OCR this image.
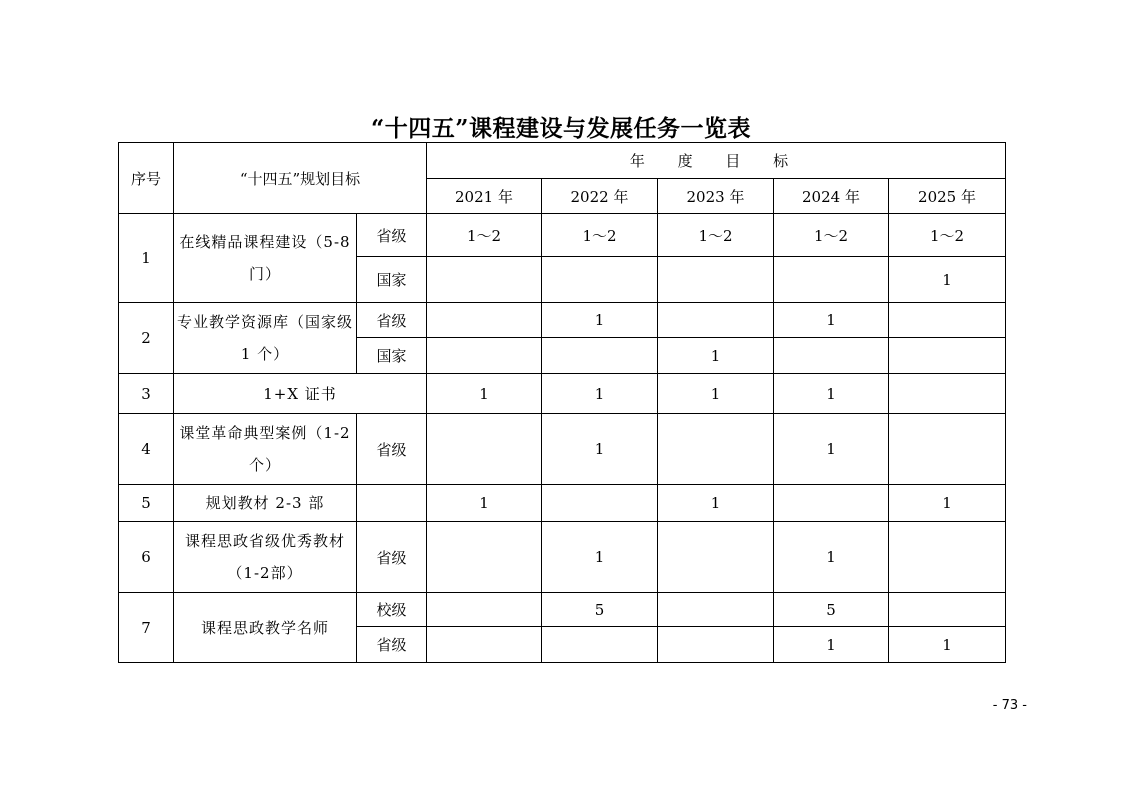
“十四五”课程建设与发展任务一览表
序号	“十四五”规划目标		年 度 目 标				
			2021 年	2022 年	2023 年	2024 年	2025 年
1	在线精品课程建设（5-8门）	省级	1～2	1～2	1～2	1～2	1～2
		国家					1
2	专业教学资源库（国家级 1 个）	省级		1		1	
		国家			1		
3	1+X 证书		1	1	1	1	
4	课堂革命典型案例（1-2个）	省级		1		1	
5	规划教材 2-3 部		1		1		1
6	课程思政省级优秀教材（1-2部）	省级		1		1	
7	课程思政教学名师	校级		5		5	
		省级				1	1
- 73 -
